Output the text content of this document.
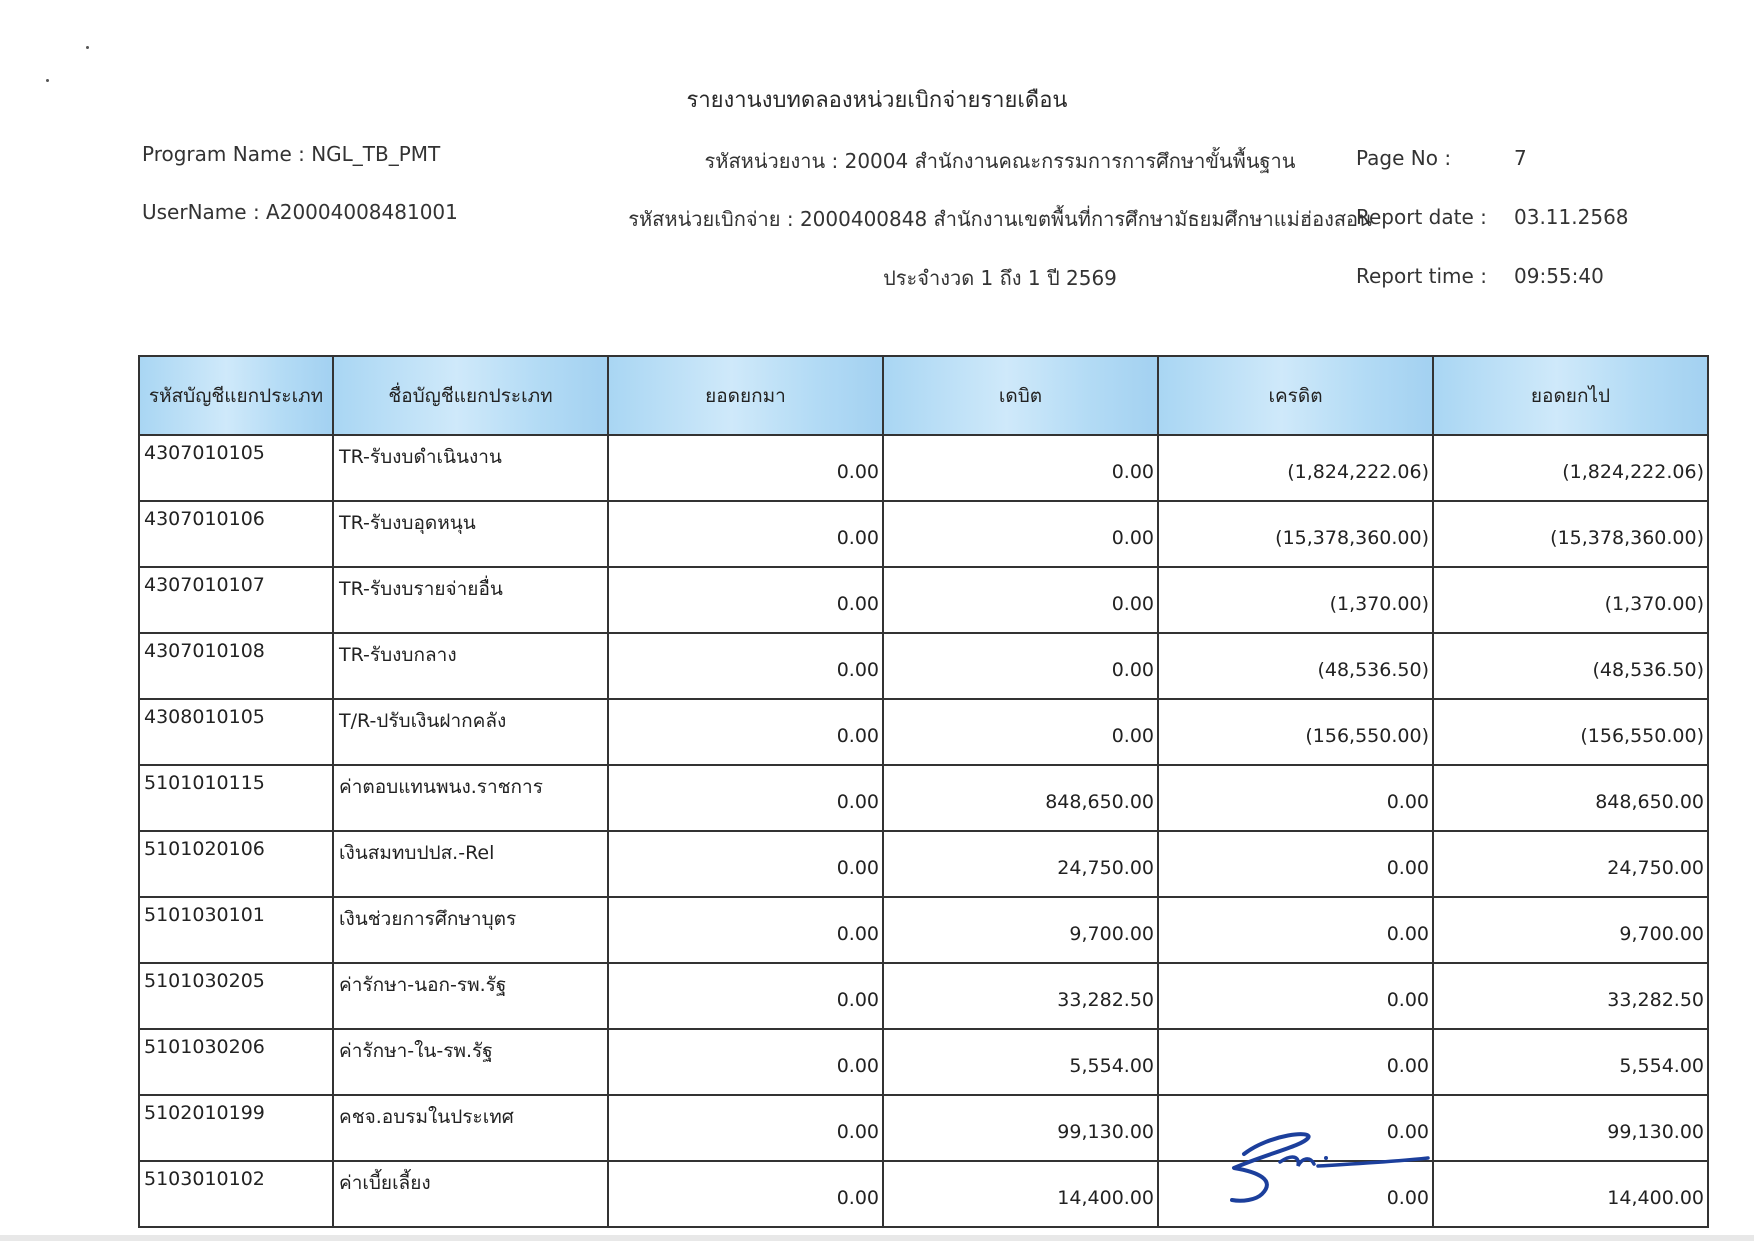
รายงานงบทดลองหน่วยเบิกจ่ายรายเดือน
Program Name : NGL_TB_PMT
UserName : A20004008481001
รหัสหน่วยงาน : 20004 สำนักงานคณะกรรมการการศึกษาขั้นพื้นฐาน
รหัสหน่วยเบิกจ่าย : 2000400848 สำนักงานเขตพื้นที่การศึกษามัธยมศึกษาแม่ฮ่องสอน
ประจำงวด 1 ถึง 1 ปี 2569
Page No :	7
Report date : 03.11.2568
Report time : 09:55:40
รหัสบัญชีแยกประเภท	ชื่อบัญชีแยกประเภท	ยอดยกมา	เดบิต	เครดิต	ยอดยกไป
4307010105	TR-รับงบดำเนินงาน	0.00	0.00	(1,824,222.06)	(1,824,222.06)
4307010106	TR-รับงบอุดหนุน	0.00	0.00	(15,378,360.00)	(15,378,360.00)
4307010107	TR-รับงบรายจ่ายอื่น	0.00	0.00	(1,370.00)	(1,370.00)
4307010108	TR-รับงบกลาง	0.00	0.00	(48,536.50)	(48,536.50)
4308010105	T/R-ปรับเงินฝากคลัง	0.00	0.00	(156,550.00)	(156,550.00)
5101010115	ค่าตอบแทนพนง.ราชการ	0.00	848,650.00	0.00	848,650.00
5101020106	เงินสมทบปปส.-Rel	0.00	24,750.00	0.00	24,750.00
5101030101	เงินช่วยการศึกษาบุตร	0.00	9,700.00	0.00	9,700.00
5101030205	ค่ารักษา-นอก-รพ.รัฐ	0.00	33,282.50	0.00	33,282.50
5101030206	ค่ารักษา-ใน-รพ.รัฐ	0.00	5,554.00	0.00	5,554.00
5102010199	คชจ.อบรมในประเทศ	0.00	99,130.00	0.00	99,130.00
5103010102	ค่าเบี้ยเลี้ยง	0.00	14,400.00	0.00	14,400.00
